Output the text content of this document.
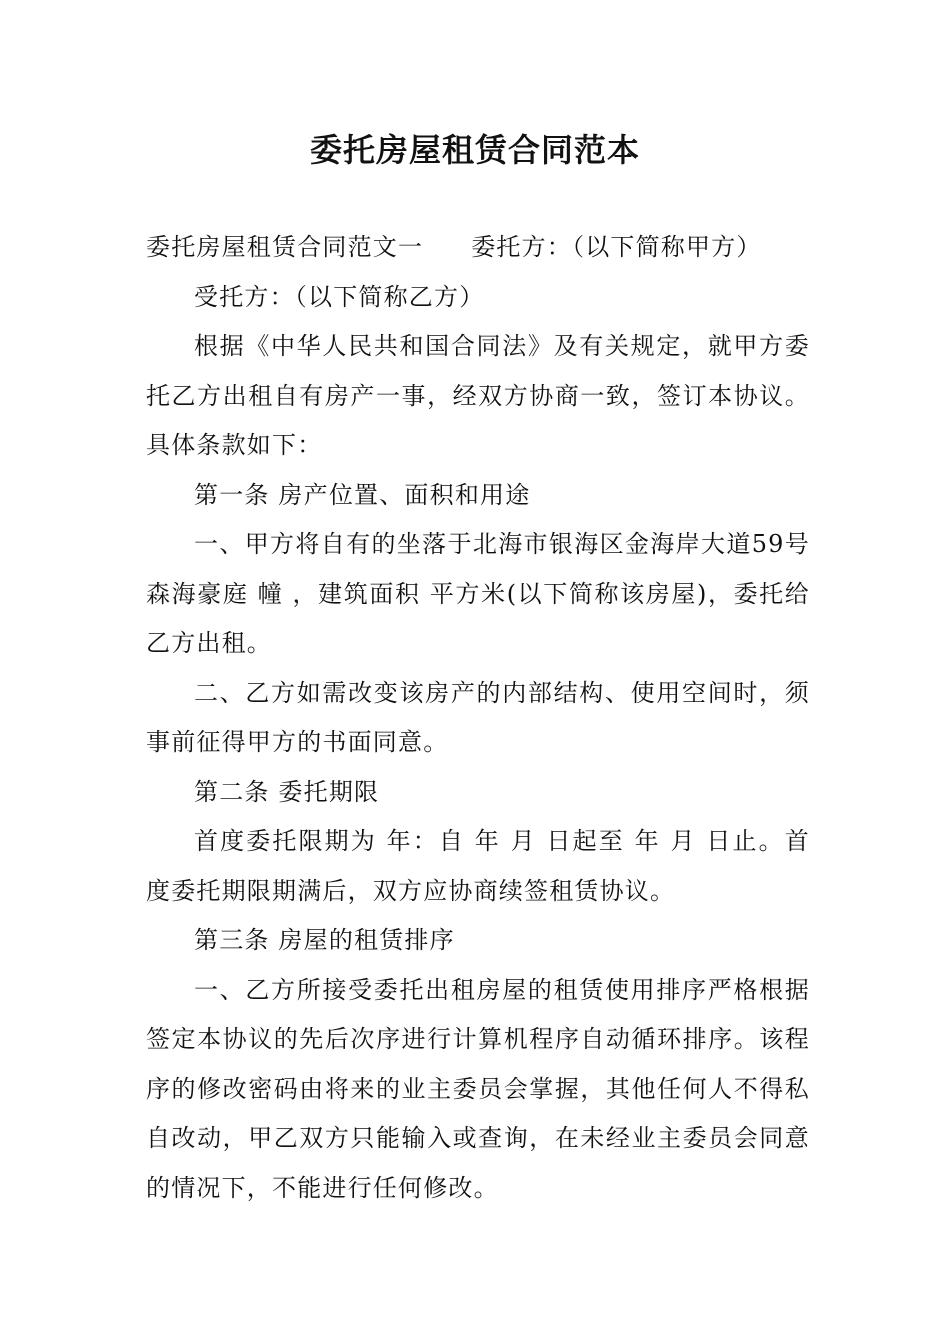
委托房屋租赁合同范本

委托房屋租赁合同范文一 委托方：（以下简称甲方）

受托方：（以下简称乙方）

根据《中华人民共和国合同法》及有关规定，就甲方委托乙方出租自有房产一事，经双方协商一致，签订本协议。具体条款如下：

第一条 房产位置、面积和用途

一、甲方将自有的坐落于北海市银海区金海岸大道59号森海豪庭 幢 ，建筑面积 平方米(以下简称该房屋)，委托给乙方出租。

二、乙方如需改变该房产的内部结构、使用空间时，须事前征得甲方的书面同意。

第二条 委托期限

首度委托限期为 年：自 年 月 日起至 年 月 日止。首度委托期限期满后，双方应协商续签租赁协议。

第三条 房屋的租赁排序

一、乙方所接受委托出租房屋的租赁使用排序严格根据签定本协议的先后次序进行计算机程序自动循环排序。该程序的修改密码由将来的业主委员会掌握，其他任何人不得私自改动，甲乙双方只能输入或查询，在未经业主委员会同意的情况下，不能进行任何修改。
